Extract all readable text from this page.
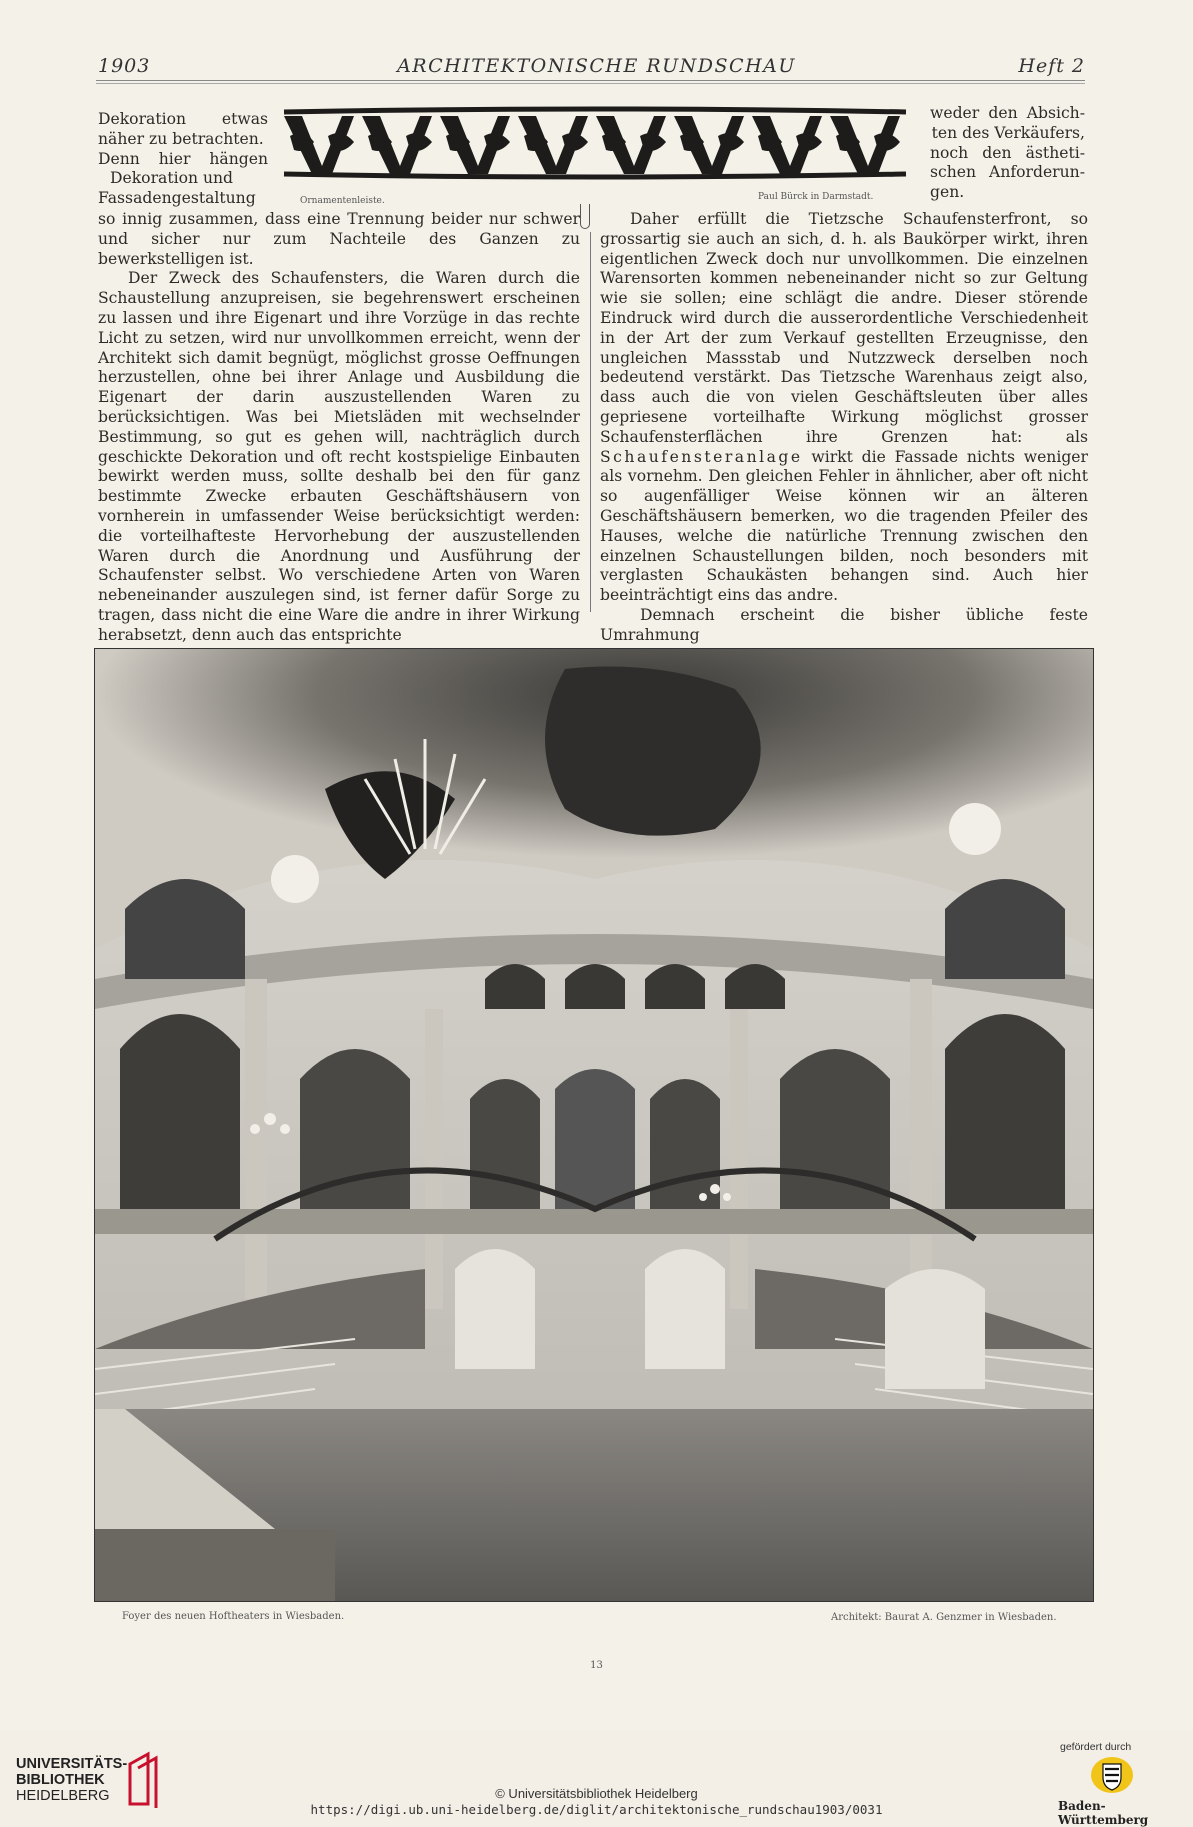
1903	ARCHITEKTONISCHE RUNDSCHAU	Heft 2
Dekoration etwas
näher zu betrachten.
Denn hier hängen
Dekoration und
Fassadengestaltung	Ornamentenleiste.	Paul Bürck in Darmstadt.
weder den Absich-
ten des Verkäufers,
noch den ästheti-
schen Anforderun-
gen.

so innig zusammen, dass eine Trennung beider nur schwer und sicher nur zum Nachteile des Ganzen zu bewerkstelligen ist.

Der Zweck des Schaufensters, die Waren durch die Schaustellung anzupreisen, sie begehrenswert erscheinen zu lassen und ihre Eigenart und ihre Vorzüge in das rechte Licht zu setzen, wird nur unvollkommen erreicht, wenn der Architekt sich damit begnügt, möglichst grosse Oeffnungen herzustellen, ohne bei ihrer Anlage und Ausbildung die Eigenart der darin auszustellenden Waren zu berücksichtigen. Was bei Mietsläden mit wechselnder Bestimmung, so gut es gehen will, nachträglich durch geschickte Dekoration und oft recht kostspielige Einbauten bewirkt werden muss, sollte deshalb bei den für ganz bestimmte Zwecke erbauten Geschäftshäusern von vornherein in umfassender Weise berücksichtigt werden: die vorteilhafteste Hervorhebung der auszustellenden Waren durch die Anordnung und Ausführung der Schaufenster selbst. Wo verschiedene Arten von Waren nebeneinander auszulegen sind, ist ferner dafür Sorge zu tragen, dass nicht die eine Ware die andre in ihrer Wirkung herabsetzt, denn auch das entsprichte

Daher erfüllt die Tietzsche Schaufensterfront, so grossartig sie auch an sich, d. h. als Baukörper wirkt, ihren eigentlichen Zweck doch nur unvollkommen. Die einzelnen Warensorten kommen nebeneinander nicht so zur Geltung wie sie sollen; eine schlägt die andre. Dieser störende Eindruck wird durch die ausserordentliche Verschiedenheit in der Art der zum Verkauf gestellten Erzeugnisse, den ungleichen Massstab und Nutzzweck derselben noch bedeutend verstärkt. Das Tietzsche Warenhaus zeigt also, dass auch die von vielen Geschäftsleuten über alles gepriesene vorteilhafte Wirkung möglichst grosser Schaufensterflächen ihre Grenzen hat: als Schaufensteranlage wirkt die Fassade nichts weniger als vornehm. Den gleichen Fehler in ähnlicher, aber oft nicht so augenfälliger Weise können wir an älteren Geschäftshäusern bemerken, wo die tragenden Pfeiler des Hauses, welche die natürliche Trennung zwischen den einzelnen Schaustellungen bilden, noch besonders mit verglasten Schaukästen behangen sind. Auch hier beeinträchtigt eins das andre.

Demnach erscheint die bisher übliche feste Umrahmung

Foyer des neuen Hoftheaters in Wiesbaden.	Architekt: Baurat A. Genzmer in Wiesbaden.
13
UNIVERSITÄTS-
BIBLIOTHEK
HEIDELBERG	© Universitätsbibliothek Heidelberg
https://digi.ub.uni-heidelberg.de/diglit/architektonische_rundschau1903/0031
gefördert durch
Baden-Württemberg
